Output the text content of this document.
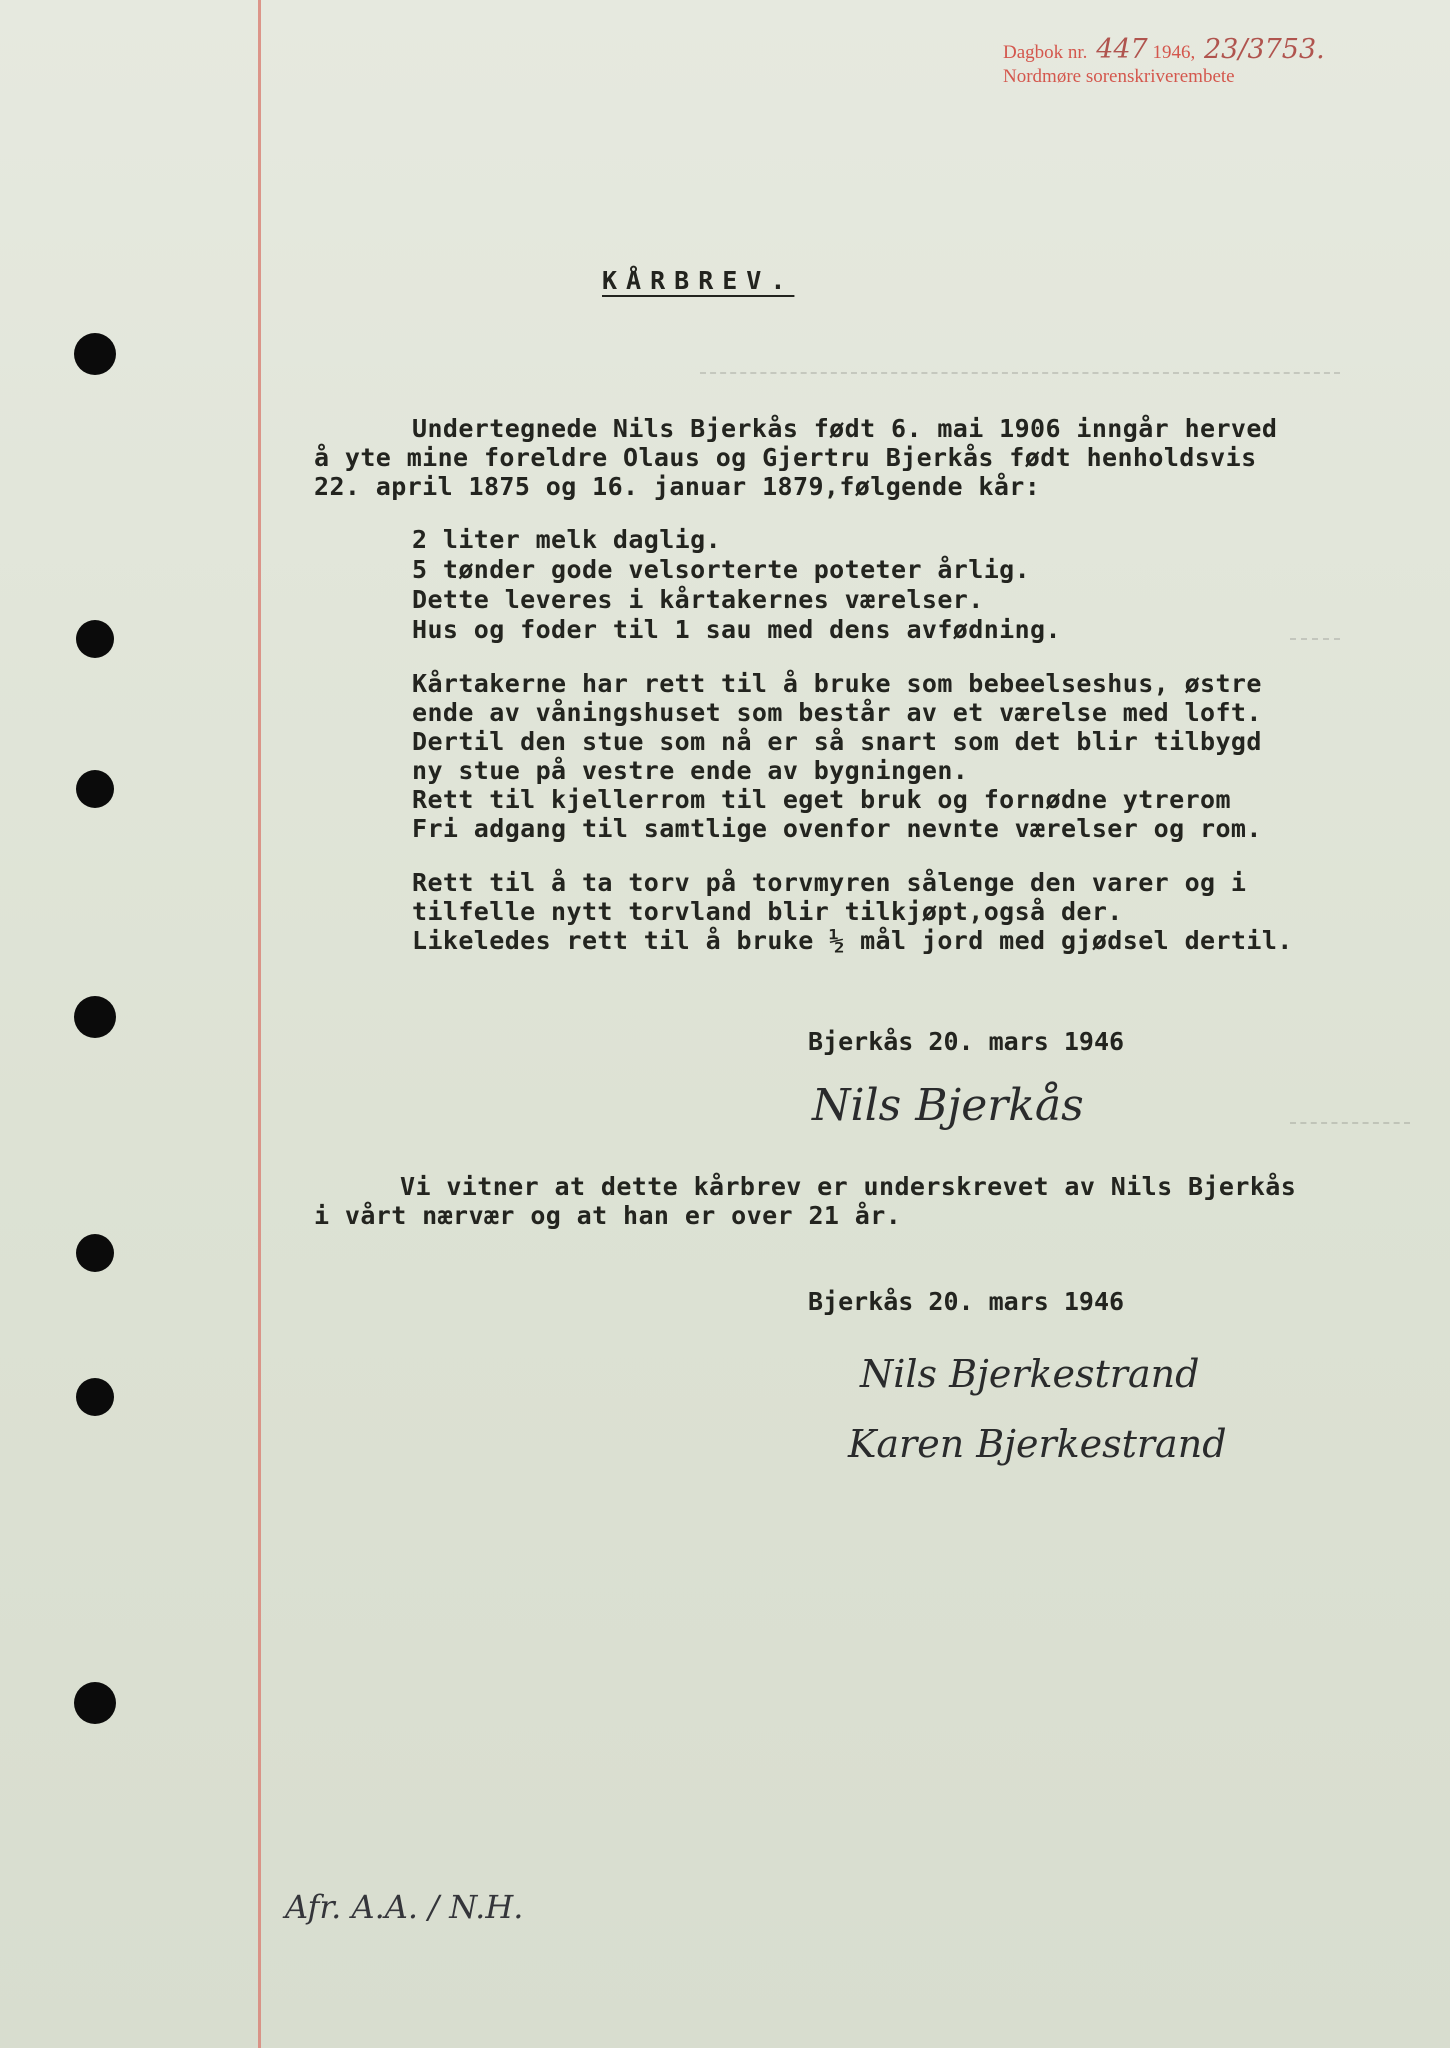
Dagbok nr. 447 1946, 23/3753.
Nordmøre sorenskriverembete
KÅRBREV.
Undertegnede Nils Bjerkås født 6. mai 1906 inngår herved
å yte mine foreldre Olaus og Gjertru Bjerkås født henholdsvis
22. april 1875 og 16. januar 1879,følgende kår:
2 liter melk daglig.
5 tønder gode velsorterte poteter årlig.
Dette leveres i kårtakernes værelser.
Hus og foder til 1 sau med dens avfødning.
Kårtakerne har rett til å bruke som bebeelseshus, østre
ende av våningshuset som består av et værelse med loft.
Dertil den stue som nå er så snart som det blir tilbygd
ny stue på vestre ende av bygningen.
Rett til kjellerrom til eget bruk og fornødne ytrerom
Fri adgang til samtlige ovenfor nevnte værelser og rom.
Rett til å ta torv på torvmyren sålenge den varer og i
tilfelle nytt torvland blir tilkjøpt,også der.
Likeledes rett til å bruke ½ mål jord med gjødsel dertil.
Bjerkås 20. mars 1946
Nils Bjerkås
Vi vitner at dette kårbrev er underskrevet av Nils Bjerkås
i vårt nærvær og at han er over 21 år.
Bjerkås 20. mars 1946
Nils Bjerkestrand
Karen Bjerkestrand
Afr. A.A. / N.H.
